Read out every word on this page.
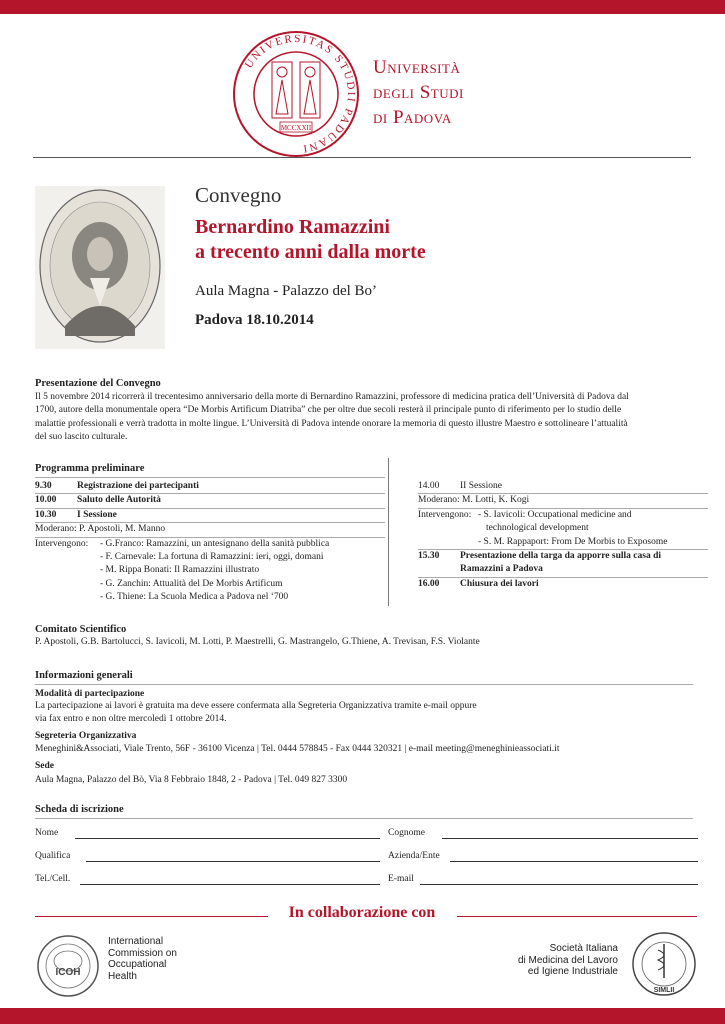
UNIVERSITAS STUDII PADUANI
MCCXXII
Università
degli Studi
di Padova
Convegno
Bernardino Ramazzini
a trecento anni dalla morte
Aula Magna - Palazzo del Bo’
Padova 18.10.2014
Presentazione del Convegno
Il 5 novembre 2014 ricorrerà il trecentesimo anniversario della morte di Bernardino Ramazzini, professore di medicina pratica dell’Università di Padova dal
1700, autore della monumentale opera “De Morbis Artificum Diatriba” che per oltre due secoli resterà il principale punto di riferimento per lo studio delle
malattie professionali e verrà tradotta in molte lingue. L’Università di Padova intende onorare la memoria di questo illustre Maestro e sottolineare l’attualità
del suo lascito culturale.
Programma preliminare
9.30	Registrazione dei partecipanti
10.00	Saluto delle Autorità
10.30	I Sessione
Moderano: P. Apostoli, M. Manno
Intervengono:	- G.Franco: Ramazzini, un antesignano della sanità pubblica
- F. Carnevale: La fortuna di Ramazzini: ieri, oggi, domani
- M. Rippa Bonati: Il Ramazzini illustrato
- G. Zanchin: Attualità del De Morbis Artificum
- G. Thiene: La Scuola Medica a Padova nel ‘700
14.00	II Sessione
Moderano: M. Lotti, K. Kogi
Intervengono: - S. Iavicoli: Occupational medicine and
technological development
- S. M. Rappaport: From De Morbis to Exposome
15.30	Presentazione della targa da apporre sulla casa di
Ramazzini a Padova
16.00	Chiusura dei lavori
Comitato Scientifico
P. Apostoli, G.B. Bartolucci, S. Iavicoli, M. Lotti, P. Maestrelli, G. Mastrangelo, G.Thiene, A. Trevisan, F.S. Violante
Informazioni generali
Modalità di partecipazione
La partecipazione ai lavori è gratuita ma deve essere confermata alla Segreteria Organizzativa tramite e-mail oppure
via fax entro e non oltre mercoledì 1 ottobre 2014.
Segreteria Organizzativa
Meneghini&Associati, Viale Trento, 56F - 36100 Vicenza | Tel. 0444 578845 - Fax 0444 320321 | e-mail meeting@meneghinieassociati.it
Sede
Aula Magna, Palazzo del Bò, Via 8 Febbraio 1848, 2 - Padova | Tel. 049 827 3300
Scheda di iscrizione
Nome	Cognome
Qualifica	Azienda/Ente
Tel./Cell.	E-mail
In collaborazione con
ICOH
International
Commission on
Occupational
Health
Società Italiana
di Medicina del Lavoro
ed Igiene Industriale
SIMLII
